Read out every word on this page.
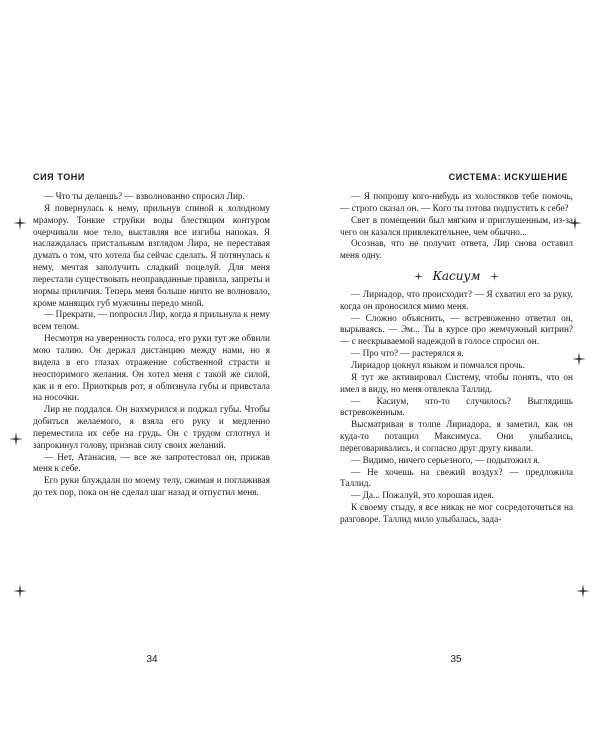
СИЯ ТОНИ

— Что ты делаешь? — взволнованно спросил Лир.

Я повернулась к нему, прильнув спиной к холодному мрамору. Тонкие струйки воды блестящим контуром очерчивали мое тело, выставляя все изгибы напоказ. Я наслаждалась пристальным взглядом Лира, не переставая думать о том, что хотела бы сейчас сделать. Я потянулась к нему, мечтая заполучить сладкий поцелуй. Для меня перестали существовать неоправданные правила, запреты и нормы приличия. Теперь меня больше ничто не волновало, кроме манящих губ мужчины передо мной.

— Прекрати, — попросил Лир, когда я прильнула к нему всем телом.

Несмотря на уверенность голоса, его руки тут же обвили мою талию. Он держал дистанцию между нами, но я видела в его глазах отражение собственной страсти и неоспоримого желания. Он хотел меня с такой же силой, как и я его. Приоткрыв рот, я облизнула губы и привстала на носочки.

Лир не поддался. Он нахмурился и поджал губы. Чтобы добиться желаемого, я взяла его руку и медленно переместила их себе на грудь. Он с трудом сглотнул и запрокинул голову, признав силу своих желаний.

— Нет, Атанасия, — все же запротестовал он, прижав меня к себе.

Его руки блуждали по моему телу, сжимая и поглаживая до тех пор, пока он не сделал шаг назад и отпустил меня.

34
СИСТЕМА: ИСКУШЕНИЕ

— Я попрошу кого-нибудь из холостяков тебе помочь, — строго сказал он. — Кого ты готова подпустить к себе?

Свет в помещении был мягким и приглушенным, из-за чего он казался привлекательнее, чем обычно...

Осознав, что не получит ответа, Лир снова оставил меня одну.

Касиум

— Лириадор, что происходит? — Я схватил его за руку, когда он проносился мимо меня.

— Сложно объяснить, — встревоженно ответил он, вырываясь. — Эм... Ты в курсе про жемчужный китрин? — с нескрываемой надеждой в голосе спросил он.

— Про что? — растерялся я.

Лириадор цокнул языком и помчался прочь.

Я тут же активировал Систему, чтобы понять, что он имел в виду, но меня отвлекла Таллид.

— Касиум, что-то случилось? Выглядишь встревоженным.

Высматривая в толпе Лириадора, я заметил, как он куда-то потащил Максимуса. Они улыбались, переговаривались, и согласно друг другу кивали.

— Видимо, ничего серьезного, — подытожил я.

— Не хочешь на свежий воздух? — предложила Таллид.

— Да... Пожалуй, это хорошая идея.

К своему стыду, я все никак не мог сосредоточиться на разговоре. Таллид мило улыбалась, зада-

35
